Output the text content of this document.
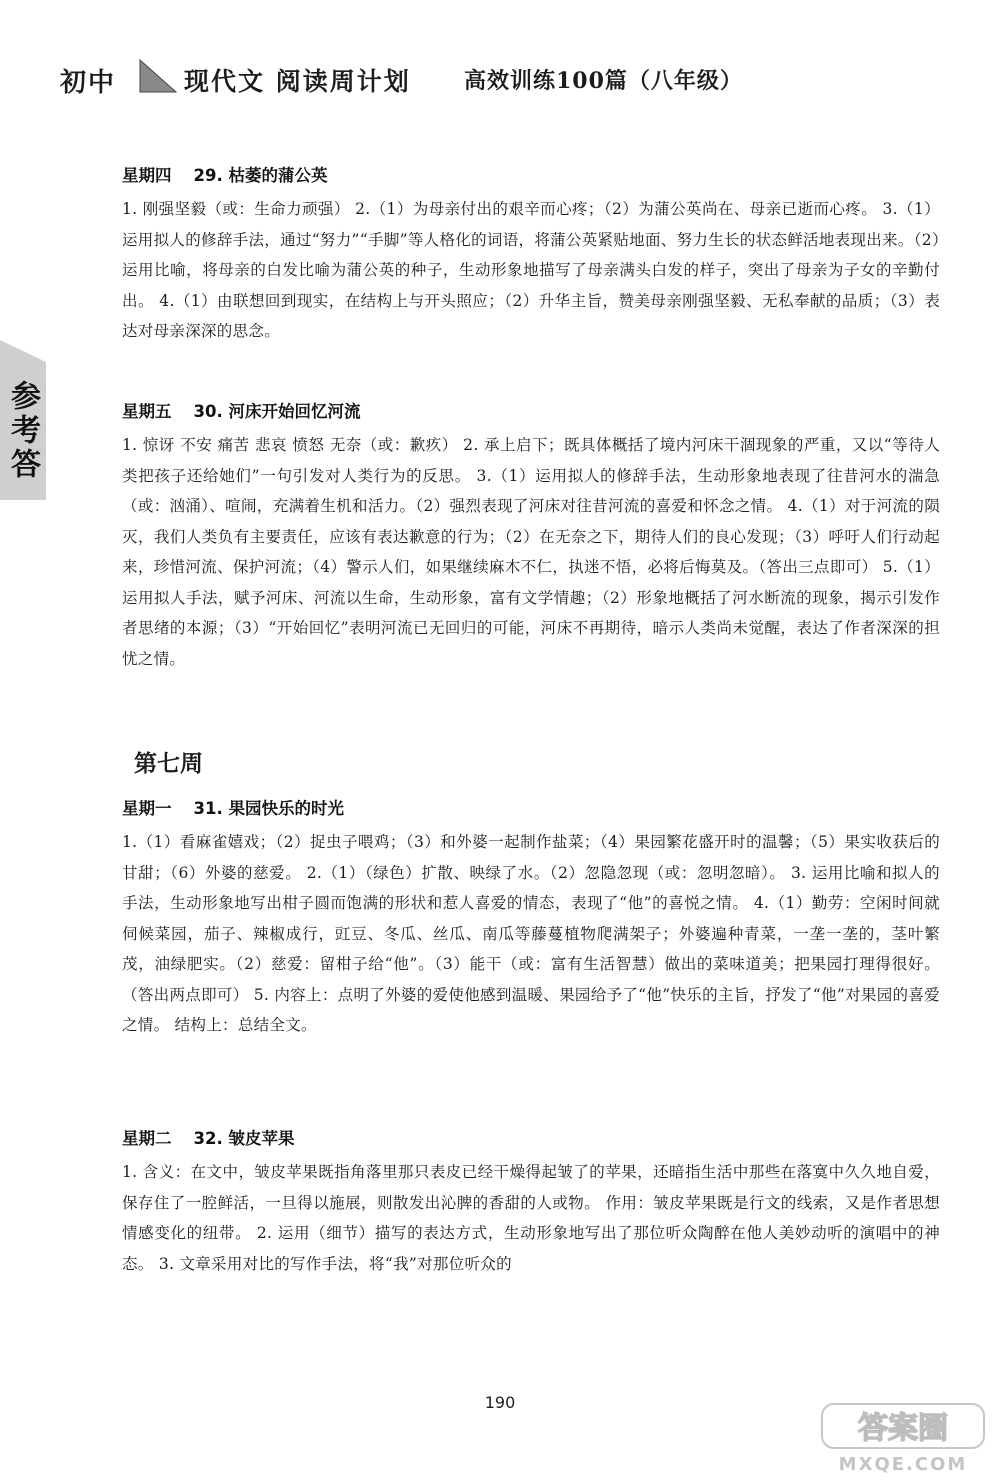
初中	现代文 阅读周计划 高效训练100篇（八年级）
参考答
星期四 29. 枯萎的蒲公英

1. 刚强坚毅（或：生命力顽强） 2.（1）为母亲付出的艰辛而心疼；（2）为蒲公英尚在、母亲已逝而心疼。 3.（1）运用拟人的修辞手法，通过“努力”“手脚”等人格化的词语，将蒲公英紧贴地面、努力生长的状态鲜活地表现出来。（2）运用比喻，将母亲的白发比喻为蒲公英的种子，生动形象地描写了母亲满头白发的样子，突出了母亲为子女的辛勤付出。 4.（1）由联想回到现实，在结构上与开头照应；（2）升华主旨，赞美母亲刚强坚毅、无私奉献的品质；（3）表达对母亲深深的思念。

星期五 30. 河床开始回忆河流

1. 惊讶 不安 痛苦 悲哀 愤怒 无奈（或：歉疚） 2. 承上启下；既具体概括了境内河床干涸现象的严重，又以“等待人类把孩子还给她们”一句引发对人类行为的反思。 3.（1）运用拟人的修辞手法，生动形象地表现了往昔河水的湍急（或：汹涌）、喧闹，充满着生机和活力。（2）强烈表现了河床对往昔河流的喜爱和怀念之情。 4.（1）对于河流的陨灭，我们人类负有主要责任，应该有表达歉意的行为；（2）在无奈之下，期待人们的良心发现；（3）呼吁人们行动起来，珍惜河流、保护河流；（4）警示人们，如果继续麻木不仁，执迷不悟，必将后悔莫及。（答出三点即可） 5.（1）运用拟人手法，赋予河床、河流以生命，生动形象，富有文学情趣；（2）形象地概括了河水断流的现象，揭示引发作者思绪的本源；（3）“开始回忆”表明河流已无回归的可能，河床不再期待，暗示人类尚未觉醒，表达了作者深深的担忧之情。

第七周
星期一 31. 果园快乐的时光

1.（1）看麻雀嬉戏；（2）捉虫子喂鸡；（3）和外婆一起制作盐菜；（4）果园繁花盛开时的温馨；（5）果实收获后的甘甜；（6）外婆的慈爱。 2.（1）（绿色）扩散、映绿了水。（2）忽隐忽现（或：忽明忽暗）。 3. 运用比喻和拟人的手法，生动形象地写出柑子圆而饱满的形状和惹人喜爱的情态，表现了“他”的喜悦之情。 4.（1）勤劳：空闲时间就伺候菜园，茄子、辣椒成行，豇豆、冬瓜、丝瓜、南瓜等藤蔓植物爬满架子；外婆遍种青菜，一垄一垄的，茎叶繁茂，油绿肥实。（2）慈爱：留柑子给“他”。（3）能干（或：富有生活智慧）做出的菜味道美；把果园打理得很好。（答出两点即可） 5. 内容上：点明了外婆的爱使他感到温暖、果园给予了“他”快乐的主旨，抒发了“他”对果园的喜爱之情。 结构上：总结全文。

星期二 32. 皱皮苹果

1. 含义：在文中，皱皮苹果既指角落里那只表皮已经干燥得起皱了的苹果，还暗指生活中那些在落寞中久久地自爱，保存住了一腔鲜活，一旦得以施展，则散发出沁脾的香甜的人或物。 作用：皱皮苹果既是行文的线索，又是作者思想情感变化的纽带。 2. 运用（细节）描写的表达方式，生动形象地写出了那位听众陶醉在他人美妙动听的演唱中的神态。 3. 文章采用对比的写作手法，将“我”对那位听众的

190
答案圈
MXQE.COM
